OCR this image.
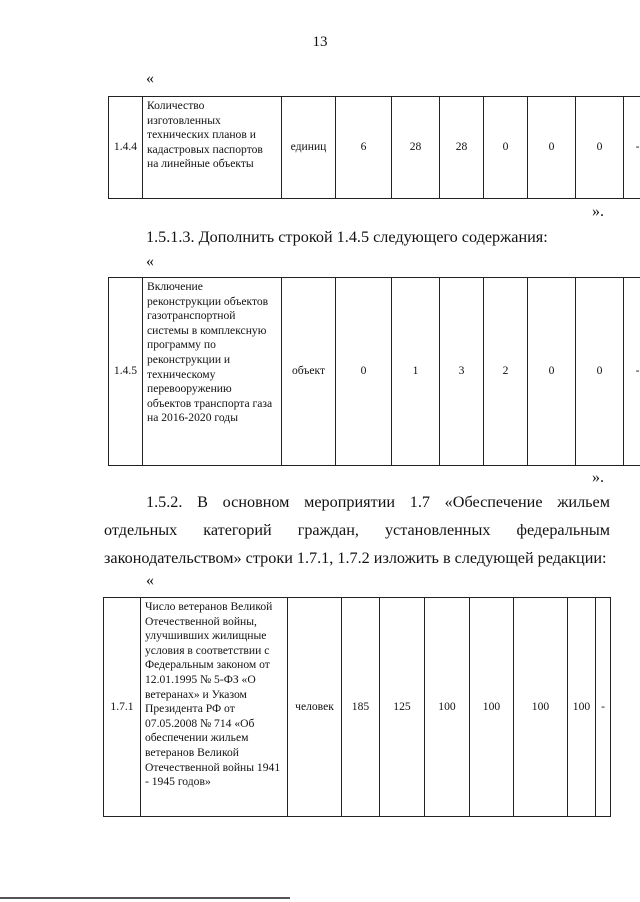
13
«
1.4.4	Количество изготовленных технических планов и кадастровых паспортов на линейные объекты	единиц	6	28	28	0	0	0	-
».
1.5.1.3. Дополнить строкой 1.4.5 следующего содержания:
«
1.4.5	Включение реконструкции объектов газотранспортной системы в комплексную программу по реконструкции и техническому перевооружению объектов транспорта газа на 2016-2020 годы	объект	0	1	3	2	0	0	-
».
1.5.2. В основном мероприятии 1.7 «Обеспечение жильем отдельных категорий граждан, установленных федеральным законодательством» строки 1.7.1, 1.7.2 изложить в следующей редакции:
«
1.7.1	Число ветеранов Великой Отечественной войны, улучшивших жилищные условия в соответствии с Федеральным законом от 12.01.1995 № 5-ФЗ «О ветеранах» и Указом Президента РФ от 07.05.2008 № 714 «Об обеспечении жильем ветеранов Великой Отечественной войны 1941 - 1945 годов»	человек	185	125	100	100	100	100	-
